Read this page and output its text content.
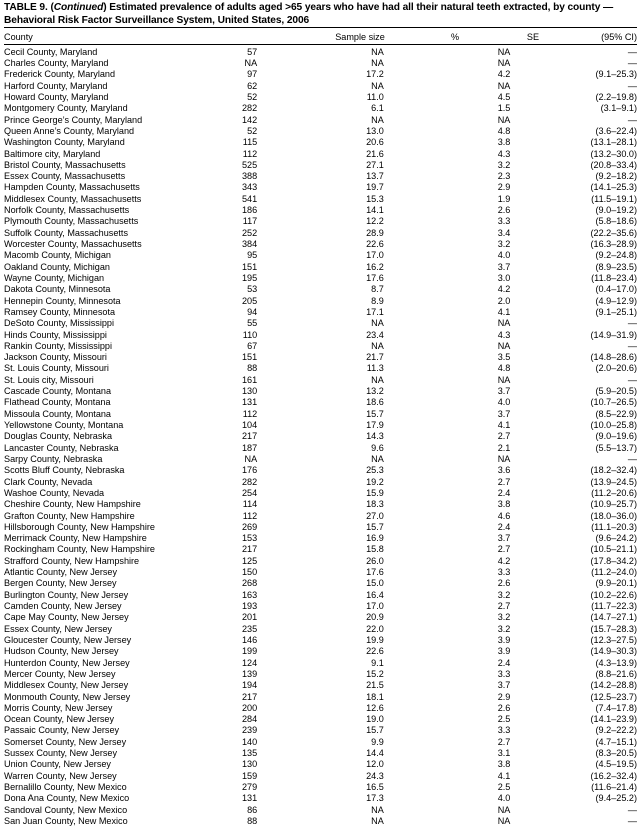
TABLE 9. (Continued) Estimated prevalence of adults aged >65 years who have had all their natural teeth extracted, by county — Behavioral Risk Factor Surveillance System, United States, 2006
County	Sample size	%	SE	(95% CI)
Cecil County, Maryland	57	NA	NA	—
Charles County, Maryland	NA	NA	NA	—
Frederick County, Maryland	97	17.2	4.2	(9.1–25.3)
Harford County, Maryland	62	NA	NA	—
Howard County, Maryland	52	11.0	4.5	(2.2–19.8)
Montgomery County, Maryland	282	6.1	1.5	(3.1–9.1)
Prince George’s County, Maryland	142	NA	NA	—
Queen Anne’s County, Maryland	52	13.0	4.8	(3.6–22.4)
Washington County, Maryland	115	20.6	3.8	(13.1–28.1)
Baltimore city, Maryland	112	21.6	4.3	(13.2–30.0)
Bristol County, Massachusetts	525	27.1	3.2	(20.8–33.4)
Essex County, Massachusetts	388	13.7	2.3	(9.2–18.2)
Hampden County, Massachusetts	343	19.7	2.9	(14.1–25.3)
Middlesex County, Massachusetts	541	15.3	1.9	(11.5–19.1)
Norfolk County, Massachusetts	186	14.1	2.6	(9.0–19.2)
Plymouth County, Massachusetts	117	12.2	3.3	(5.8–18.6)
Suffolk County, Massachusetts	252	28.9	3.4	(22.2–35.6)
Worcester County, Massachusetts	384	22.6	3.2	(16.3–28.9)
Macomb County, Michigan	95	17.0	4.0	(9.2–24.8)
Oakland County, Michigan	151	16.2	3.7	(8.9–23.5)
Wayne County, Michigan	195	17.6	3.0	(11.8–23.4)
Dakota County, Minnesota	53	8.7	4.2	(0.4–17.0)
Hennepin County, Minnesota	205	8.9	2.0	(4.9–12.9)
Ramsey County, Minnesota	94	17.1	4.1	(9.1–25.1)
DeSoto County, Mississippi	55	NA	NA	—
Hinds County, Mississippi	110	23.4	4.3	(14.9–31.9)
Rankin County, Mississippi	67	NA	NA	—
Jackson County, Missouri	151	21.7	3.5	(14.8–28.6)
St. Louis County, Missouri	88	11.3	4.8	(2.0–20.6)
St. Louis city, Missouri	161	NA	NA	—
Cascade County, Montana	130	13.2	3.7	(5.9–20.5)
Flathead County, Montana	131	18.6	4.0	(10.7–26.5)
Missoula County, Montana	112	15.7	3.7	(8.5–22.9)
Yellowstone County, Montana	104	17.9	4.1	(10.0–25.8)
Douglas County, Nebraska	217	14.3	2.7	(9.0–19.6)
Lancaster County, Nebraska	187	9.6	2.1	(5.5–13.7)
Sarpy County, Nebraska	NA	NA	NA	—
Scotts Bluff County, Nebraska	176	25.3	3.6	(18.2–32.4)
Clark County, Nevada	282	19.2	2.7	(13.9–24.5)
Washoe County, Nevada	254	15.9	2.4	(11.2–20.6)
Cheshire County, New Hampshire	114	18.3	3.8	(10.9–25.7)
Grafton County, New Hampshire	112	27.0	4.6	(18.0–36.0)
Hillsborough County, New Hampshire	269	15.7	2.4	(11.1–20.3)
Merrimack County, New Hampshire	153	16.9	3.7	(9.6–24.2)
Rockingham County, New Hampshire	217	15.8	2.7	(10.5–21.1)
Strafford County, New Hampshire	125	26.0	4.2	(17.8–34.2)
Atlantic County, New Jersey	150	17.6	3.3	(11.2–24.0)
Bergen County, New Jersey	268	15.0	2.6	(9.9–20.1)
Burlington County, New Jersey	163	16.4	3.2	(10.2–22.6)
Camden County, New Jersey	193	17.0	2.7	(11.7–22.3)
Cape May County, New Jersey	201	20.9	3.2	(14.7–27.1)
Essex County, New Jersey	235	22.0	3.2	(15.7–28.3)
Gloucester County, New Jersey	146	19.9	3.9	(12.3–27.5)
Hudson County, New Jersey	199	22.6	3.9	(14.9–30.3)
Hunterdon County, New Jersey	124	9.1	2.4	(4.3–13.9)
Mercer County, New Jersey	139	15.2	3.3	(8.8–21.6)
Middlesex County, New Jersey	194	21.5	3.7	(14.2–28.8)
Monmouth County, New Jersey	217	18.1	2.9	(12.5–23.7)
Morris County, New Jersey	200	12.6	2.6	(7.4–17.8)
Ocean County, New Jersey	284	19.0	2.5	(14.1–23.9)
Passaic County, New Jersey	239	15.7	3.3	(9.2–22.2)
Somerset County, New Jersey	140	9.9	2.7	(4.7–15.1)
Sussex County, New Jersey	135	14.4	3.1	(8.3–20.5)
Union County, New Jersey	130	12.0	3.8	(4.5–19.5)
Warren County, New Jersey	159	24.3	4.1	(16.2–32.4)
Bernalillo County, New Mexico	279	16.5	2.5	(11.6–21.4)
Dona Ana County, New Mexico	131	17.3	4.0	(9.4–25.2)
Sandoval County, New Mexico	86	NA	NA	—
San Juan County, New Mexico	88	NA	NA	—
